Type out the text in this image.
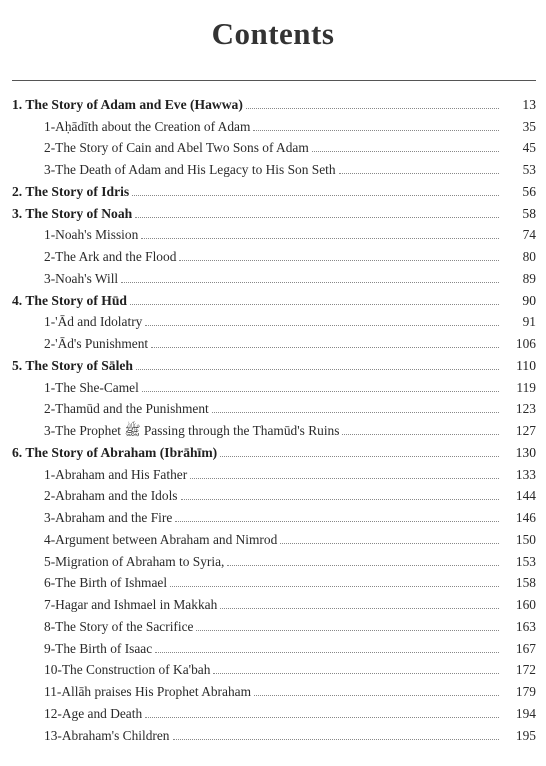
Contents
1. The Story of Adam and Eve (Hawwa)	13
1-Aḥādīth about the Creation of Adam	35
2-The Story of Cain and Abel Two Sons of Adam	45
3-The Death of Adam and His Legacy to His Son Seth	53
2. The Story of Idris	56
3. The Story of Noah	58
1-Noah's Mission	74
2-The Ark and the Flood	80
3-Noah's Will	89
4. The Story of Hūd	90
1-'Ād and Idolatry	91
2-'Ād's Punishment	106
5. The Story of Sāleh	110
1-The She-Camel	119
2-Thamūd and the Punishment	123
3-The Prophet ﷺ Passing through the Thamūd's Ruins	127
6. The Story of Abraham (Ibrāhīm)	130
1-Abraham and His Father	133
2-Abraham and the Idols	144
3-Abraham and the Fire	146
4-Argument between Abraham and Nimrod	150
5-Migration of Abraham to Syria,	153
6-The Birth of Ishmael	158
7-Hagar and Ishmael in Makkah	160
8-The Story of the Sacrifice	163
9-The Birth of Isaac	167
10-The Construction of Ka'bah	172
11-Allāh praises His Prophet Abraham	179
12-Age and Death	194
13-Abraham's Children	195
